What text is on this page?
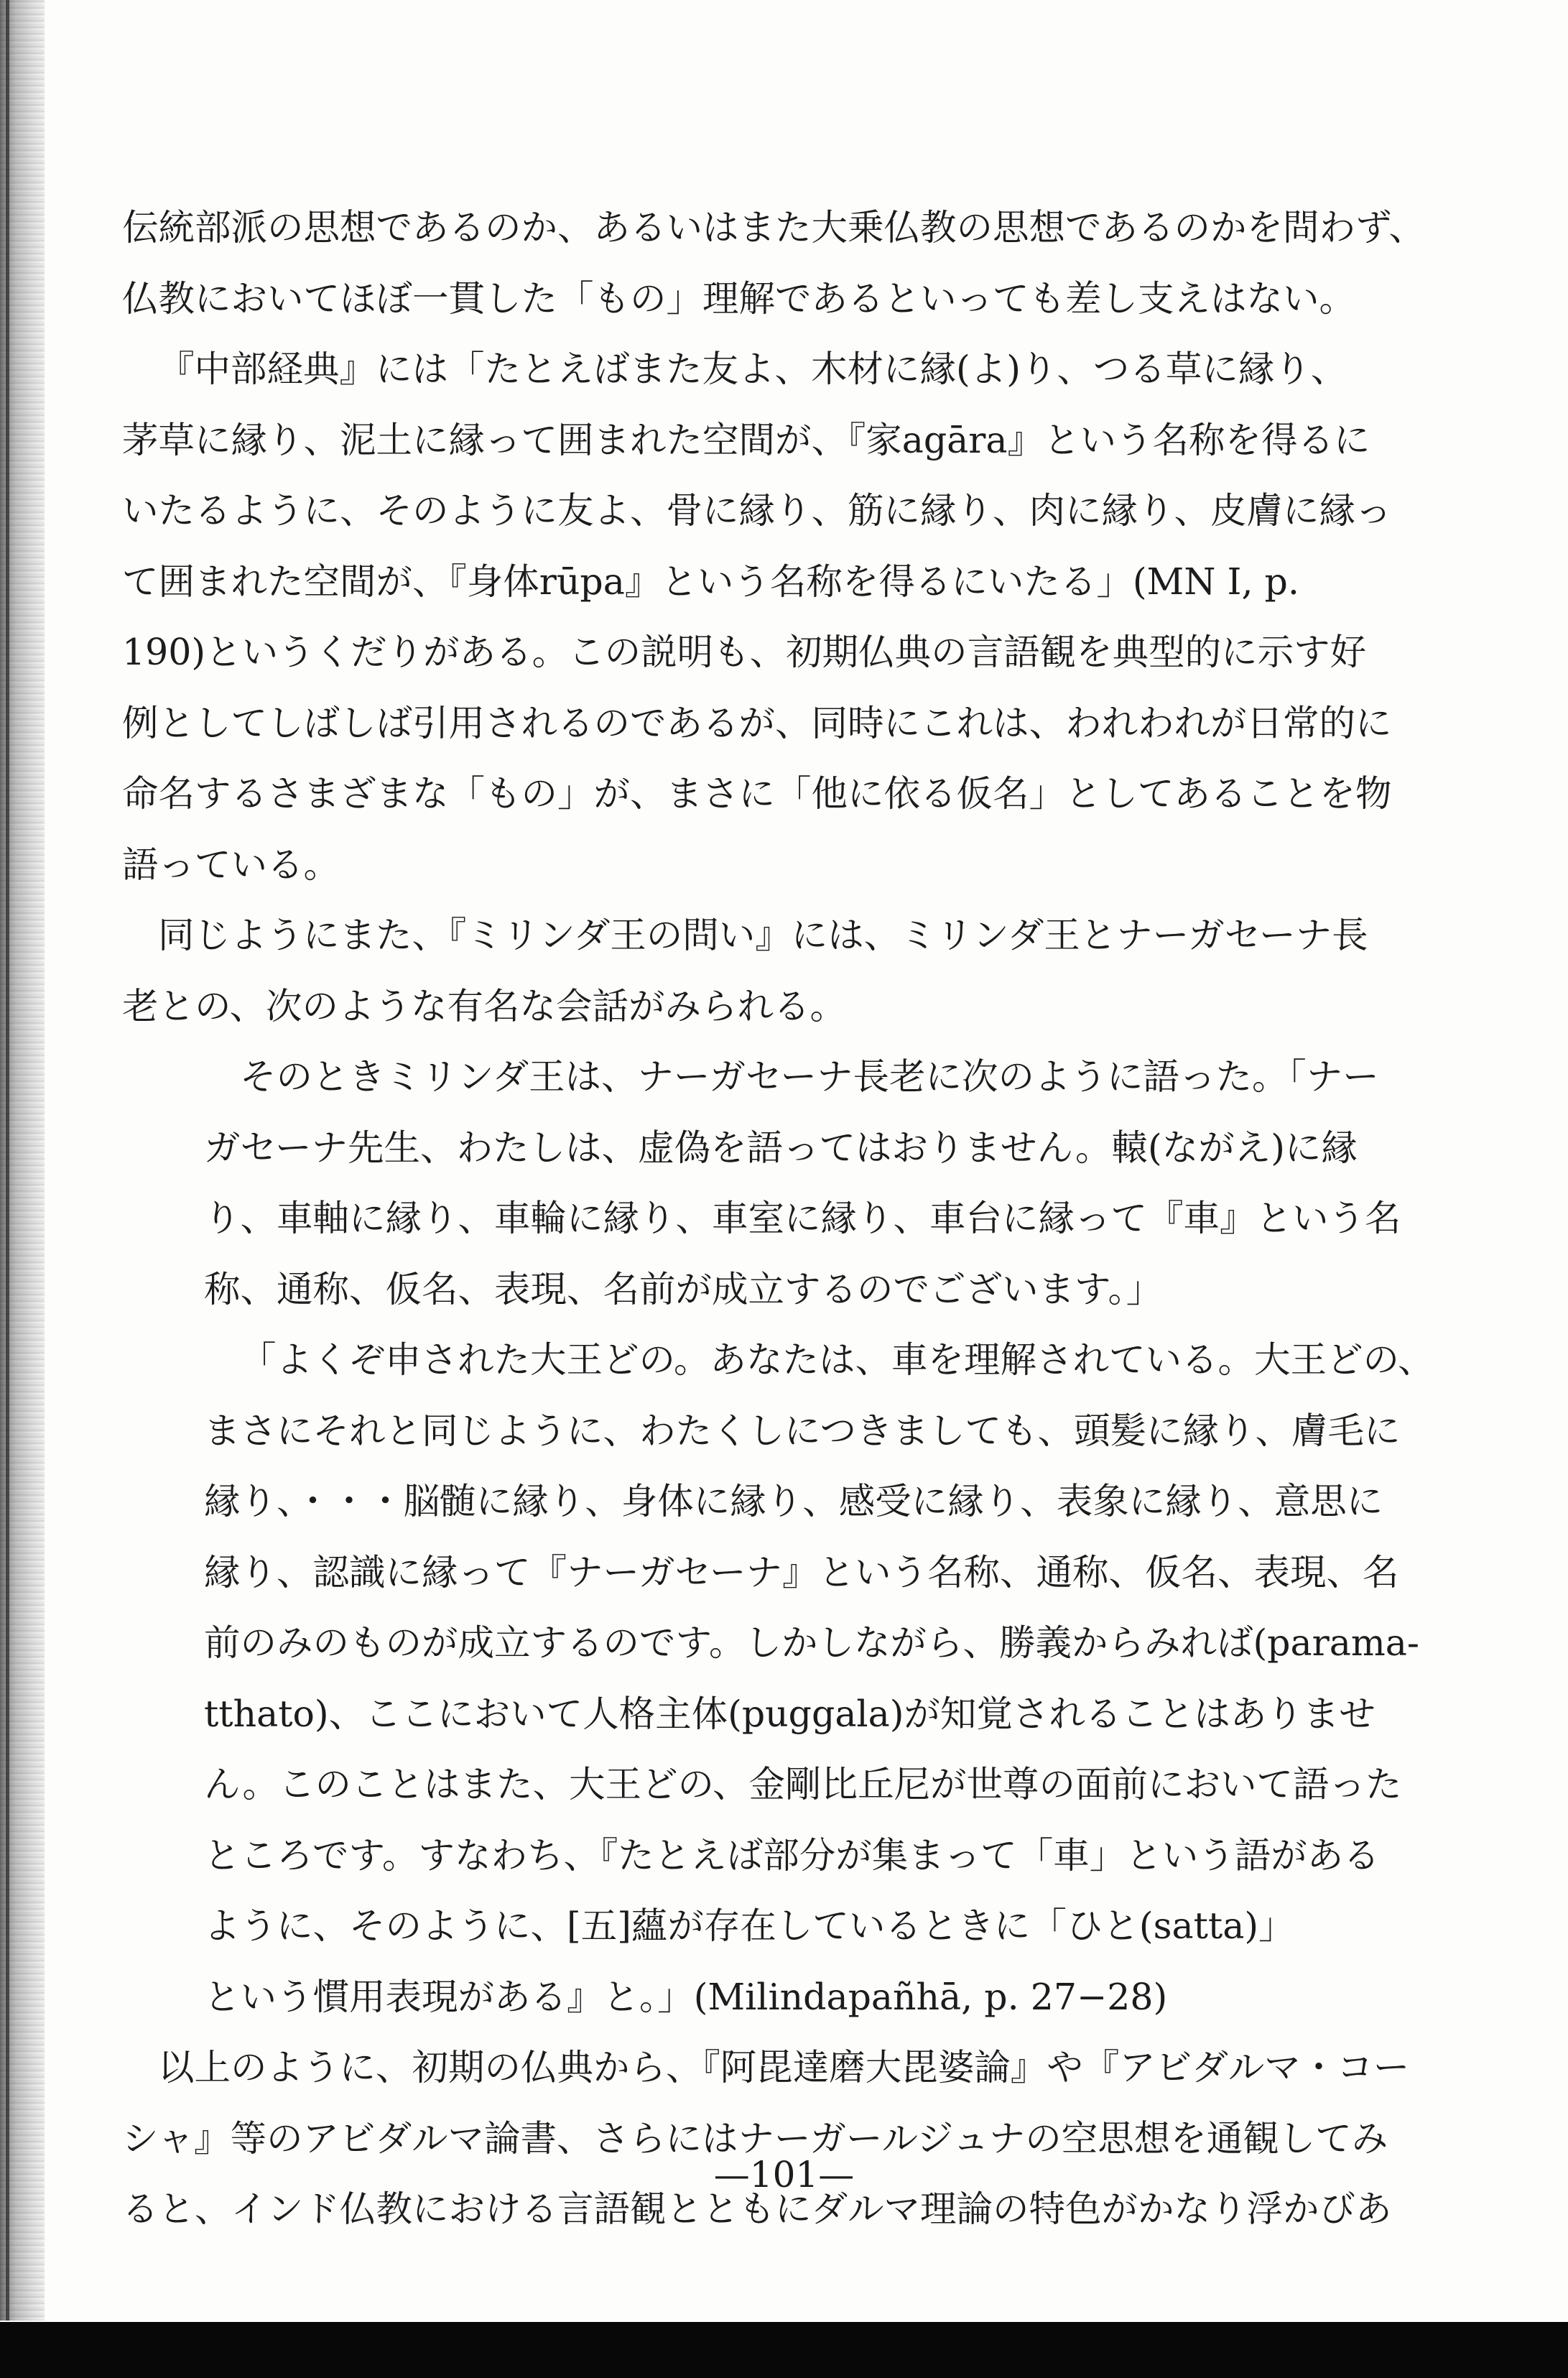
伝統部派の思想であるのか、あるいはまた大乗仏教の思想であるのかを問わず、
仏教においてほぼ一貫した「もの」理解であるといっても差し支えはない。

『中部経典』には「たとえばまた友よ、木材に縁(よ)り、つる草に縁り、
茅草に縁り、泥土に縁って囲まれた空間が、『家agāra』という名称を得るに
いたるように、そのように友よ、骨に縁り、筋に縁り、肉に縁り、皮膚に縁っ
て囲まれた空間が、『身体rūpa』という名称を得るにいたる」(MN Ⅰ, p.
190)というくだりがある。この説明も、初期仏典の言語観を典型的に示す好
例としてしばしば引用されるのであるが、同時にこれは、われわれが日常的に
命名するさまざまな「もの」が、まさに「他に依る仮名」としてあることを物
語っている。

同じようにまた、『ミリンダ王の問い』には、ミリンダ王とナーガセーナ長
老との、次のような有名な会話がみられる。

そのときミリンダ王は、ナーガセーナ長老に次のように語った。「ナー
ガセーナ先生、わたしは、虚偽を語ってはおりません。轅(ながえ)に縁
り、車軸に縁り、車輪に縁り、車室に縁り、車台に縁って『車』という名
称、通称、仮名、表現、名前が成立するのでございます。」

「よくぞ申された大王どの。あなたは、車を理解されている。大王どの、
まさにそれと同じように、わたくしにつきましても、頭髪に縁り、膚毛に
縁り、・・・脳髄に縁り、身体に縁り、感受に縁り、表象に縁り、意思に
縁り、認識に縁って『ナーガセーナ』という名称、通称、仮名、表現、名
前のみのものが成立するのです。しかしながら、勝義からみれば(parama-
tthato)、ここにおいて人格主体(puggala)が知覚されることはありませ
ん。このことはまた、大王どの、金剛比丘尼が世尊の面前において語った
ところです。すなわち、『たとえば部分が集まって「車」という語がある
ように、そのように、[五]蘊が存在しているときに「ひと(satta)」
という慣用表現がある』と。」(Milindapañhā, p. 27−28)

以上のように、初期の仏典から、『阿毘達磨大毘婆論』や『アビダルマ・コー
シャ』等のアビダルマ論書、さらにはナーガールジュナの空思想を通観してみ
ると、インド仏教における言語観とともにダルマ理論の特色がかなり浮かびあ

—101—
